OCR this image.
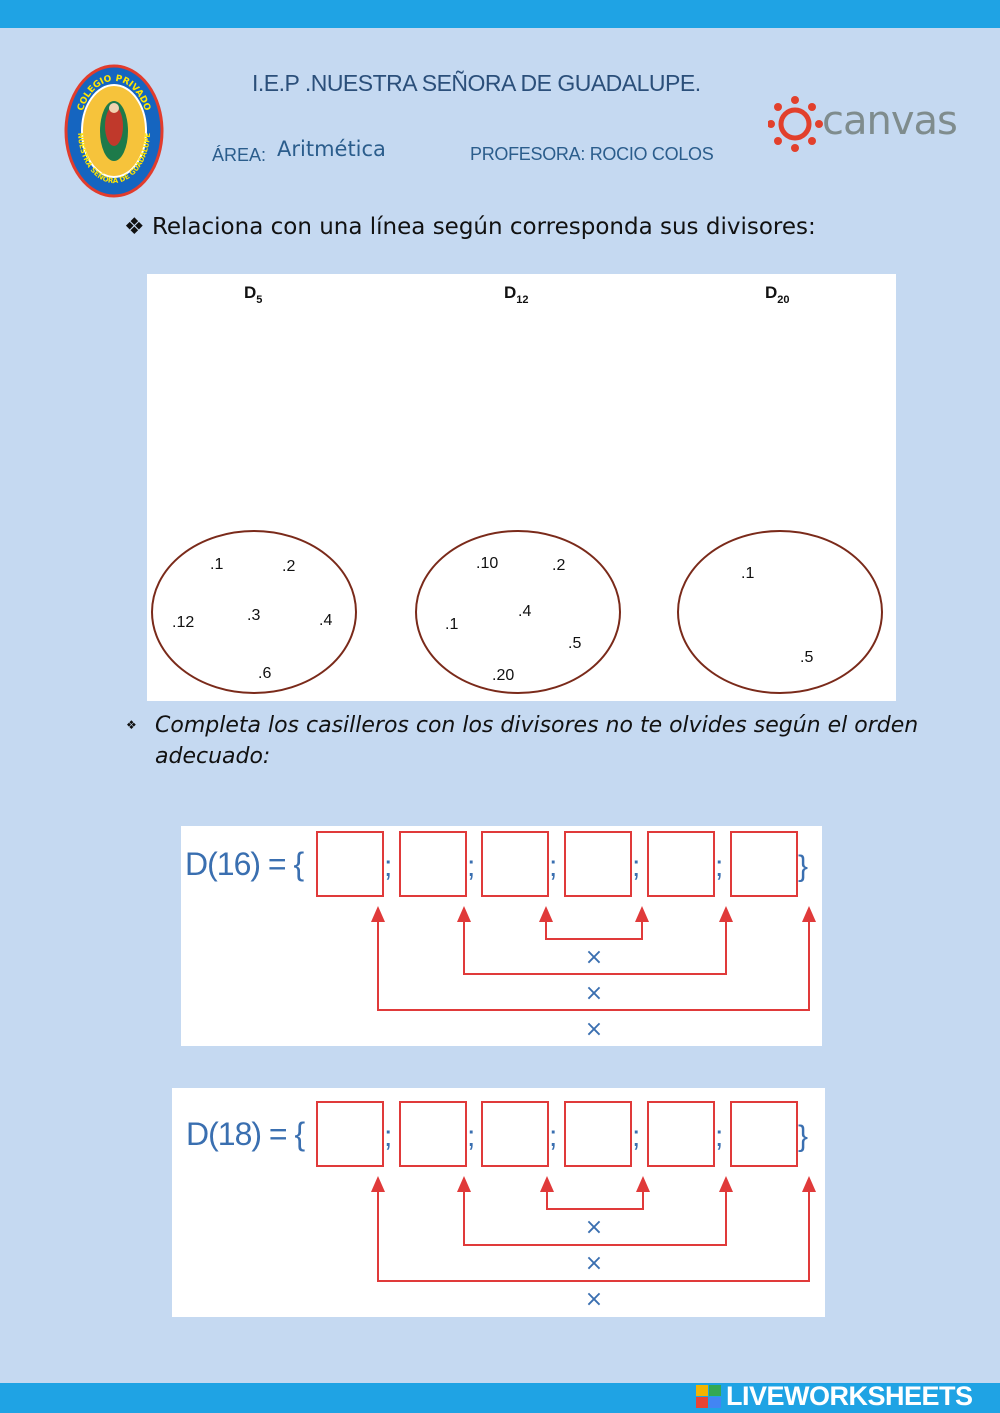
COLEGIO PRIVADO
NUESTRA SEÑORA DE GUADALUPE
I.E.P .NUESTRA SEÑORA DE GUADALUPE.
ÁREA: Aritmética	PROFESORA: ROCIO COLOS
canvas
❖ Relaciona con una línea según corresponda sus divisores:
$D_5$	$D_{12}$	$D_{20}$
.1	.2
.12	.3	.4
.6
.10	.2
.1
.4
.5
.20
.1
.5
❖ Completa los casilleros con los divisores no te olvides según el orden adecuado:
D(16) = {	; ; ; ; ; }
×
×
×
D(18) = {	; ; ; ; ; }
×
×
×
LIVEWORKSHEETS
